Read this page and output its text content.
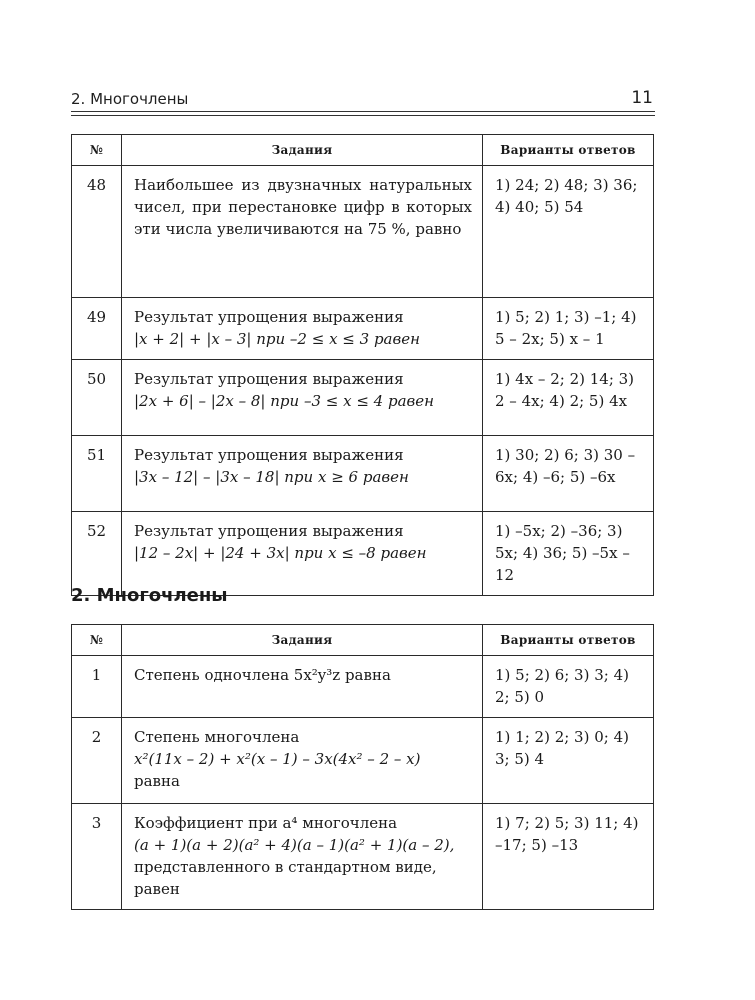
2. Многочлены	11
№	Задания	Варианты ответов
48	Наибольшее из двузначных натуральных чисел, при перестановке цифр в которых эти числа увеличиваются на 75 %, равно	1) 24; 2) 48; 3) 36; 4) 40; 5) 54
49	Результат упрощения выражения
|x + 2| + |x – 3| при –2 ≤ x ≤ 3 равен	1) 5; 2) 1; 3) –1; 4) 5 – 2x; 5) x – 1
50	Результат упрощения выражения
|2x + 6| – |2x – 8| при –3 ≤ x ≤ 4 равен	1) 4x – 2; 2) 14; 3) 2 – 4x; 4) 2; 5) 4x
51	Результат упрощения выражения
|3x – 12| – |3x – 18| при x ≥ 6 равен	1) 30; 2) 6; 3) 30 – 6x; 4) –6; 5) –6x
52	Результат упрощения выражения
|12 – 2x| + |24 + 3x| при x ≤ –8 равен	1) –5x; 2) –36; 3) 5x; 4) 36; 5) –5x – 12
2. Многочлены
№	Задания	Варианты ответов
1	Степень одночлена 5x²y³z равна	1) 5; 2) 6; 3) 3; 4) 2; 5) 0
2	Степень многочлена
x²(11x – 2) + x²(x – 1) – 3x(4x² – 2 – x)
равна	1) 1; 2) 2; 3) 0; 4) 3; 5) 4
3	Коэффициент при a⁴ многочлена
(a + 1)(a + 2)(a² + 4)(a – 1)(a² + 1)(a – 2),
представленного в стандартном виде, равен	1) 7; 2) 5; 3) 11; 4) –17; 5) –13
